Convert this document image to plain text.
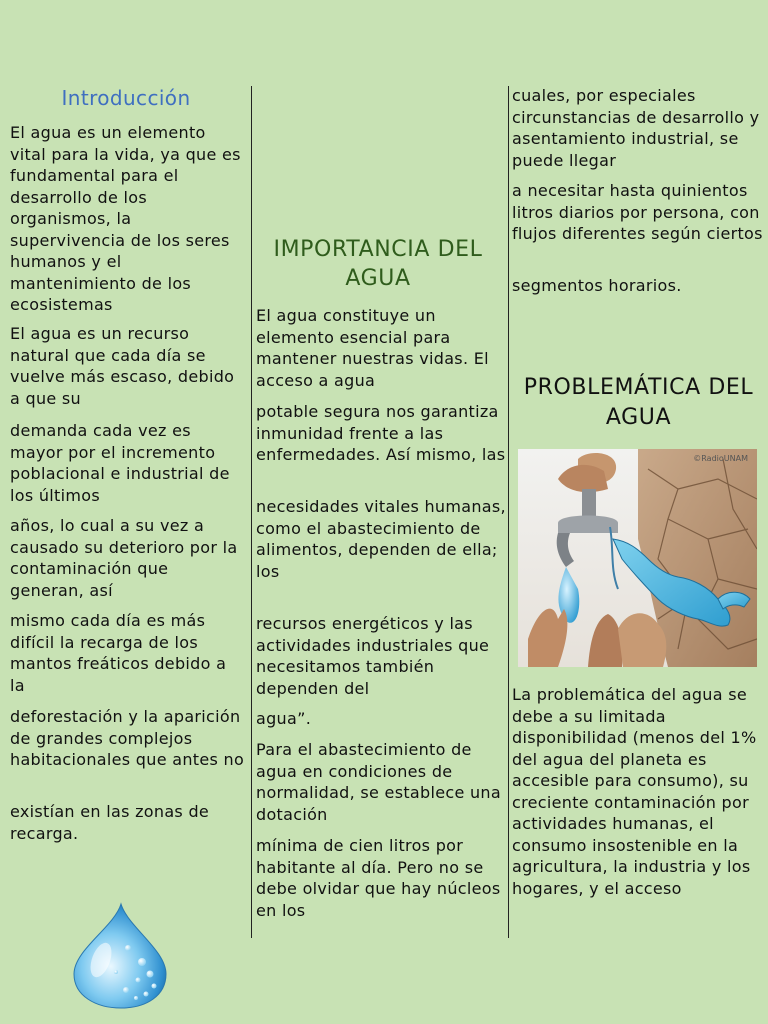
Introducción

El agua es un elemento vital para la vida, ya que es fundamental para el desarrollo de los organismos, la supervivencia de los seres humanos y el mantenimiento de los ecosistemas

El agua es un recurso natural que cada día se vuelve más escaso, debido a que su

demanda cada vez es mayor por el incremento poblacional e industrial de los últimos

años, lo cual a su vez a causado su deterioro por la contaminación que generan, así

mismo cada día es más difícil la recarga de los mantos freáticos debido a la

deforestación y la aparición de grandes complejos habitacionales que antes no

existían en las zonas de recarga.

IMPORTANCIA DEL AGUA

El agua constituye un elemento esencial para mantener nuestras vidas. El acceso a agua

potable segura nos garantiza inmunidad frente a las enfermedades. Así mismo, las

necesidades vitales humanas, como el abastecimiento de alimentos, dependen de ella; los

recursos energéticos y las actividades industriales que necesitamos también dependen del

agua”.

Para el abastecimiento de agua en condiciones de normalidad, se establece una dotación

mínima de cien litros por habitante al día. Pero no se debe olvidar que hay núcleos en los

cuales, por especiales circunstancias de desarrollo y asentamiento industrial, se puede llegar

a necesitar hasta quinientos litros diarios por persona, con flujos diferentes según ciertos

segmentos horarios.

PROBLEMÁTICA DEL AGUA
©RadioUNAM

La problemática del agua se debe a su limitada disponibilidad (menos del 1% del agua del planeta es accesible para consumo), su creciente contaminación por actividades humanas, el consumo insostenible en la agricultura, la industria y los hogares, y el acceso
